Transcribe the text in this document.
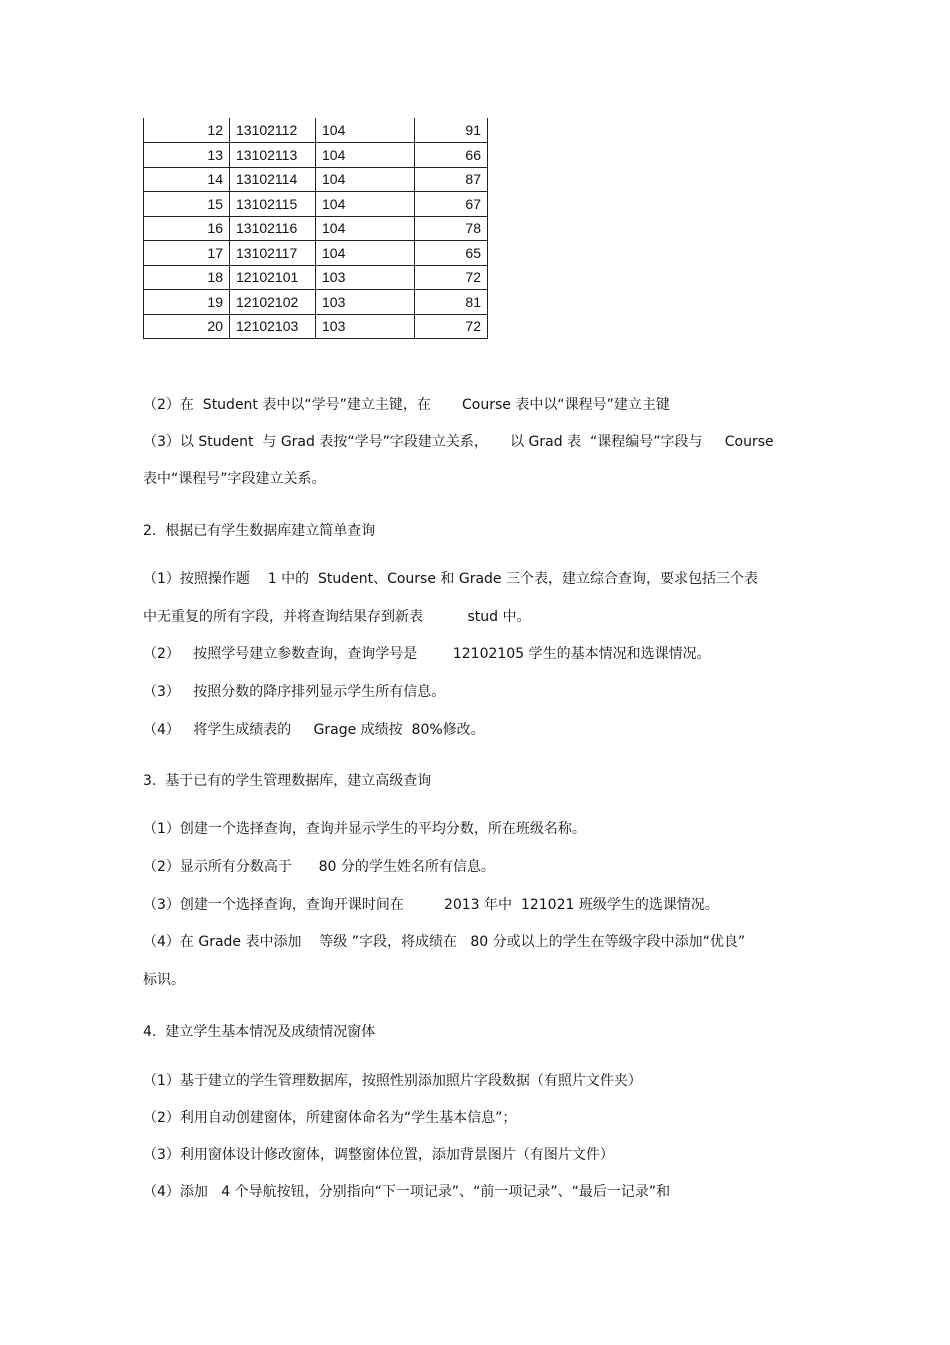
12	13102112	104	91
13	13102113	104	66
14	13102114	104	87
15	13102115	104	67
16	13102116	104	78
17	13102117	104	65
18	12102101	103	72
19	12102102	103	81
20	12102103	103	72
（2）在  Student 表中以“学号”建立主键，在       Course 表中以“课程号”建立主键
（3）以 Student  与 Grad 表按“学号”字段建立关系，     以 Grad 表  “课程编号”字段与     Course
表中“课程号”字段建立关系。
2.  根据已有学生数据库建立简单查询
（1）按照操作题    1 中的  Student、Course 和 Grade 三个表，建立综合查询，要求包括三个表
中无重复的所有字段，并将查询结果存到新表          stud 中。
（2）   按照学号建立参数查询，查询学号是        12102105 学生的基本情况和选课情况。
（3）   按照分数的降序排列显示学生所有信息。
（4）   将学生成绩表的     Grage 成绩按  80%修改。
3.  基于已有的学生管理数据库，建立高级查询
（1）创建一个选择查询，查询并显示学生的平均分数，所在班级名称。
（2）显示所有分数高于      80 分的学生姓名所有信息。
（3）创建一个选择查询，查询开课时间在         2013 年中  121021 班级学生的选课情况。
（4）在 Grade 表中添加    等级 ”字段，将成绩在   80 分或以上的学生在等级字段中添加“优良”
标识。
4.  建立学生基本情况及成绩情况窗体
（1）基于建立的学生管理数据库，按照性别添加照片字段数据（有照片文件夹）
（2）利用自动创建窗体，所建窗体命名为“学生基本信息”；
（3）利用窗体设计修改窗体，调整窗体位置，添加背景图片（有图片文件）
（4）添加   4 个导航按钮，分别指向“下一项记录”、“前一项记录”、“最后一记录”和
